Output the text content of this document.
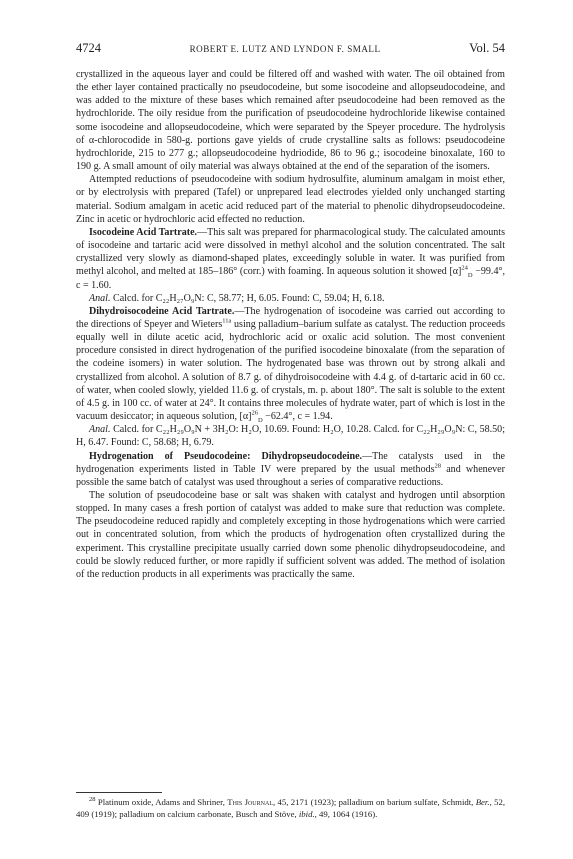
4724	ROBERT E. LUTZ AND LYNDON F. SMALL	Vol. 54

crystallized in the aqueous layer and could be filtered off and washed with water. The oil obtained from the ether layer contained practically no pseudocodeine, but some isocodeine and allopseudocodeine, and was added to the mixture of these bases which remained after pseudocodeine had been removed as the hydrochloride. The oily residue from the purification of pseudocodeine hydrochloride likewise contained some isocodeine and allopseudocodeine, which were separated by the Speyer procedure. The hydrolysis of α-chlorocodide in 580-g. portions gave yields of crude crystalline salts as follows: pseudocodeine hydrochloride, 215 to 277 g.; allopseudocodeine hydriodide, 86 to 96 g.; isocodeine binoxalate, 160 to 190 g. A small amount of oily material was always obtained at the end of the separation of the isomers.

Attempted reductions of pseudocodeine with sodium hydrosulfite, aluminum amalgam in moist ether, or by electrolysis with prepared (Tafel) or unprepared lead electrodes yielded only unchanged starting material. Sodium amalgam in acetic acid reduced part of the material to phenolic dihydropseudocodeine. Zinc in acetic or hydrochloric acid effected no reduction.

Isocodeine Acid Tartrate.—This salt was prepared for pharmacological study. The calculated amounts of isocodeine and tartaric acid were dissolved in methyl alcohol and the solution concentrated. The salt crystallized very slowly as diamond-shaped plates, exceedingly soluble in water. It was purified from methyl alcohol, and melted at 185–186° (corr.) with foaming. In aqueous solution it showed $[\alpha]^{24}_D -99.4^\circ$, c = 1.60.

Anal. Calcd. for C₂₂H₂₇O₉N: C, 58.77; H, 6.05. Found: C, 59.04; H, 6.18.

Dihydroisocodeine Acid Tartrate.—The hydrogenation of isocodeine was carried out according to the directions of Speyer and Wieters$^{11a}$ using palladium–barium sulfate as catalyst. The reduction proceeds equally well in dilute acetic acid, hydrochloric acid or oxalic acid solution. The most convenient procedure consisted in direct hydrogenation of the purified isocodeine binoxalate (from the separation of the codeine isomers) in water solution. The hydrogenated base was thrown out by strong alkali and crystallized from alcohol. A solution of 8.7 g. of dihydroisocodeine with 4.4 g. of d-tartaric acid in 60 cc. of water, when cooled slowly, yielded 11.6 g. of crystals, m. p. about 180°. The salt is soluble to the extent of 4.5 g. in 100 cc. of water at 24°. It contains three molecules of hydrate water, part of which is lost in the vacuum desiccator; in aqueous solution, $[\alpha]^{26}_D -62.4^\circ$, c = 1.94.

Anal. Calcd. for C₂₂H₂₉O₉N + 3H₂O: H₂O, 10.69. Found: H₂O, 10.28. Calcd. for C₂₂H₂₉O₉N: C, 58.50; H, 6.47. Found: C, 58.68; H, 6.79.

Hydrogenation of Pseudocodeine: Dihydropseudocodeine.—The catalysts used in the hydrogenation experiments listed in Table IV were prepared by the usual methods$^{28}$ and whenever possible the same batch of catalyst was used throughout a series of comparative reductions.

The solution of pseudocodeine base or salt was shaken with catalyst and hydrogen until absorption stopped. In many cases a fresh portion of catalyst was added to make sure that reduction was complete. The pseudocodeine reduced rapidly and completely excepting in those hydrogenations which were carried out in concentrated solution, from which the products of hydrogenation often crystallized during the experiment. This crystalline precipitate usually carried down some phenolic dihydropseudocodeine, and could be slowly reduced further, or more rapidly if sufficient solvent was added. The method of isolation of the reduction products in all experiments was practically the same.

$^{28}$ Platinum oxide, Adams and Shriner, This Journal, 45, 2171 (1923); palladium on barium sulfate, Schmidt, Ber., 52, 409 (1919); palladium on calcium carbonate, Busch and Stöve, ibid., 49, 1064 (1916).
